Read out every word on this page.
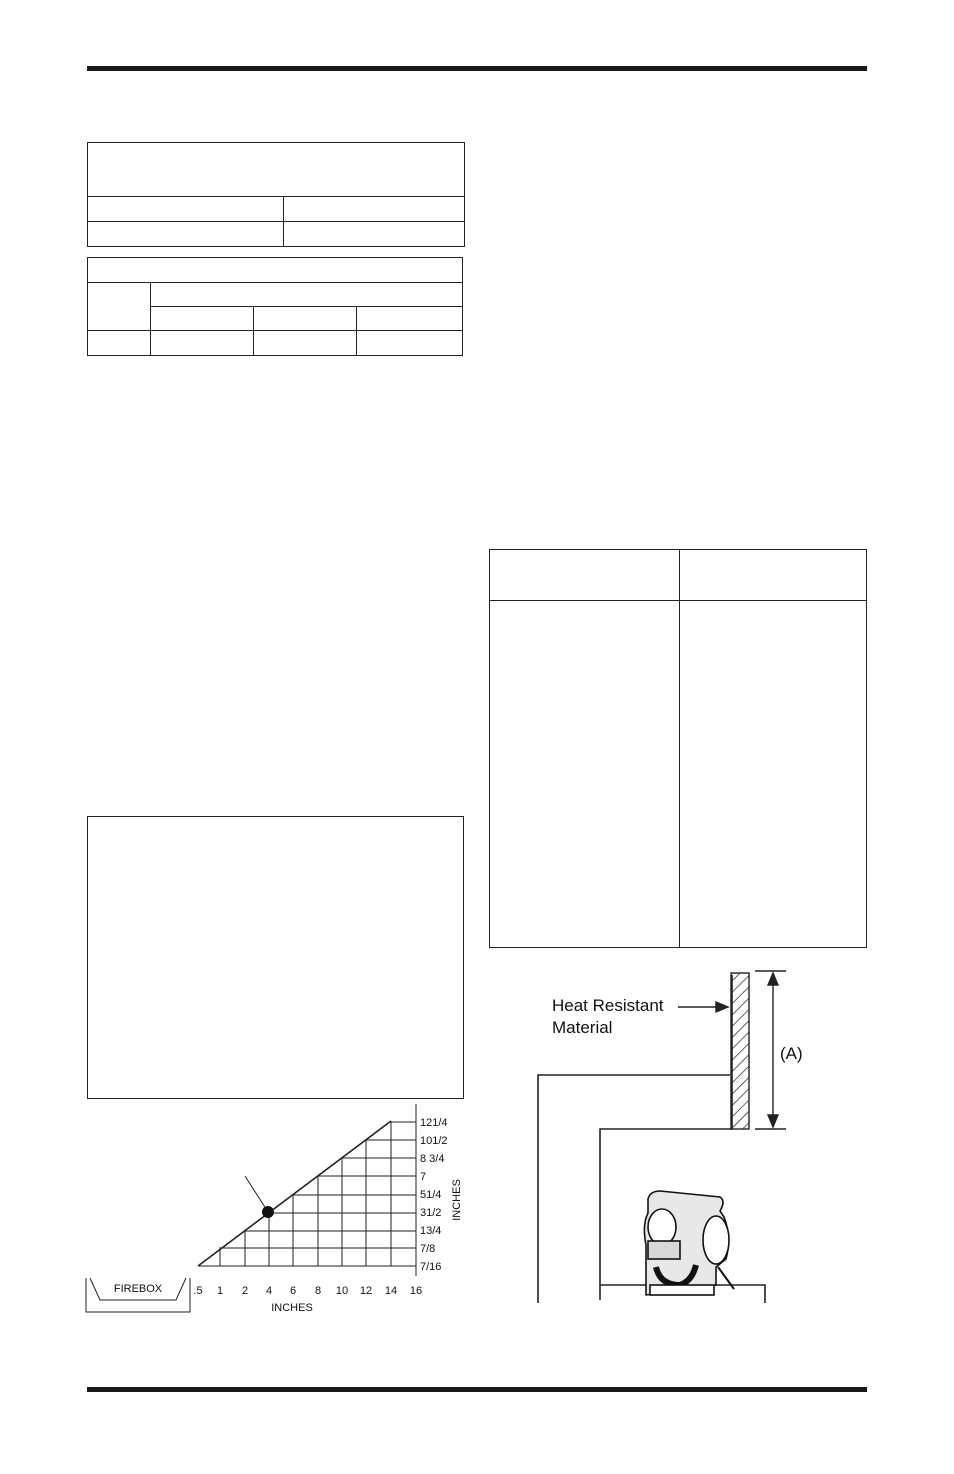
.5 1 2 4 6 8 10 12 14 16
INCHES
121/4
101/2
8 3/4
7
51/4
31/2
13/4
7/8
7/16
INCHES
FIREBOX
(A)
Heat Resistant
Material
